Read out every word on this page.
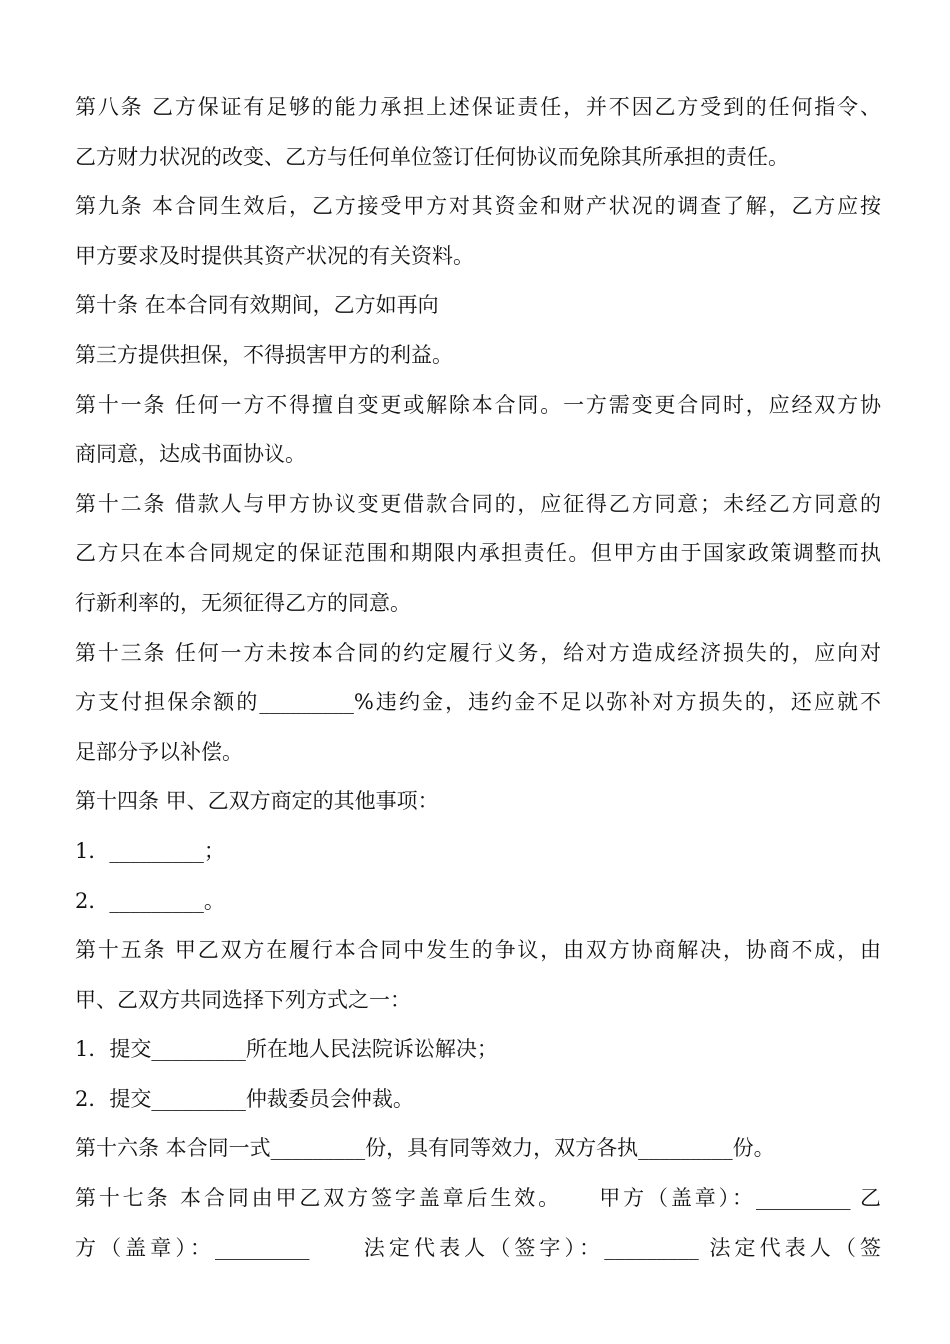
第八条 乙方保证有足够的能力承担上述保证责任，并不因乙方受到的任何指令、
乙方财力状况的改变、乙方与任何单位签订任何协议而免除其所承担的责任。
第九条 本合同生效后，乙方接受甲方对其资金和财产状况的调查了解，乙方应按
甲方要求及时提供其资产状况的有关资料。
第十条 在本合同有效期间，乙方如再向
第三方提供担保，不得损害甲方的利益。
第十一条 任何一方不得擅自变更或解除本合同。一方需变更合同时，应经双方协
商同意，达成书面协议。
第十二条 借款人与甲方协议变更借款合同的，应征得乙方同意；未经乙方同意的
乙方只在本合同规定的保证范围和期限内承担责任。但甲方由于国家政策调整而执
行新利率的，无须征得乙方的同意。
第十三条 任何一方未按本合同的约定履行义务，给对方造成经济损失的，应向对
方支付担保余额的_________%违约金，违约金不足以弥补对方损失的，还应就不
足部分予以补偿。
第十四条 甲、乙双方商定的其他事项：
1．_________；
2．_________。
第十五条 甲乙双方在履行本合同中发生的争议，由双方协商解决，协商不成，由
甲、乙双方共同选择下列方式之一：
1．提交_________所在地人民法院诉讼解决；
2．提交_________仲裁委员会仲裁。
第十六条 本合同一式_________份，具有同等效力，双方各执_________份。
第十七条 本合同由甲乙双方签字盖章后生效。　　甲方（盖章）：_________ 乙
方（盖章）：_________　　法定代表人（签字）：_________ 法定代表人（签
